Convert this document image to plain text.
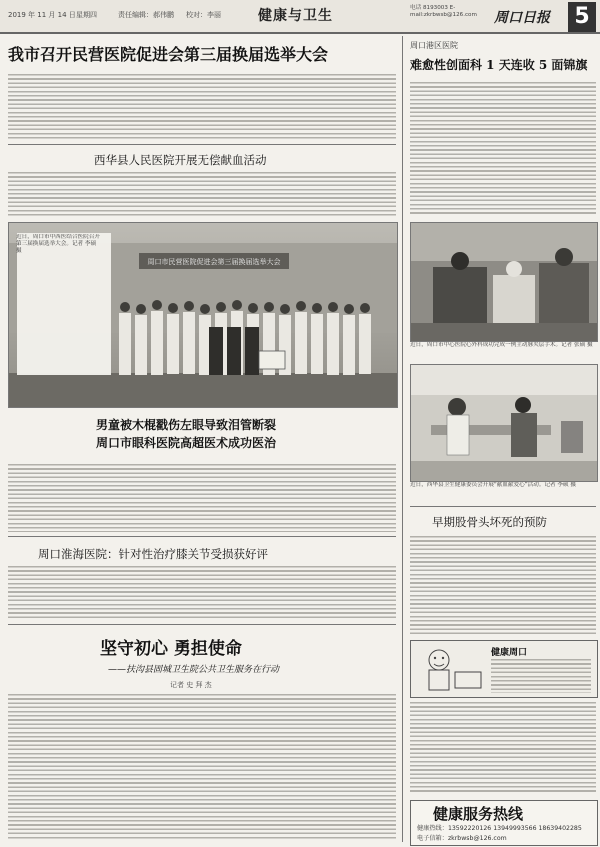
2019 年 11 月 14 日 星期四	责任编辑：郝伟鹏 校对：李丽	健康与卫生	电话 8193003 E-mail:zkrbwsb@126.com	周口日报 5
我市召开民营医院促进会第三届换届选举大会
西华县人民医院开展无偿献血活动
周口市民营医院促进会第三届换届选举大会
近日，周口市中西医结合医院召开第三届换届选举大会。记者 李硕 摄
男童被木棍戳伤左眼导致泪管断裂
周口市眼科医院高超医术成功医治
周口淮海医院：针对性治疗膝关节受损获好评
坚守初心 勇担使命
——扶沟县固城卫生院公共卫生服务在行动
记者 史 拜 杰
周口港区医院
难愈性创面科 1 天连收 5 面锦旗
近日，周口市中心医院心外科成功完成一例主动脉夹层手术。记者 张硕 摄
近日，西华县卫生健康委员会开展“献血献爱心”活动。记者 李硕 摄
早期股骨头坏死的预防
健康周口
健康服务热线
健康热线：13592220126 13949993566 18639402285
电子信箱：zkrbwsb@126.com
